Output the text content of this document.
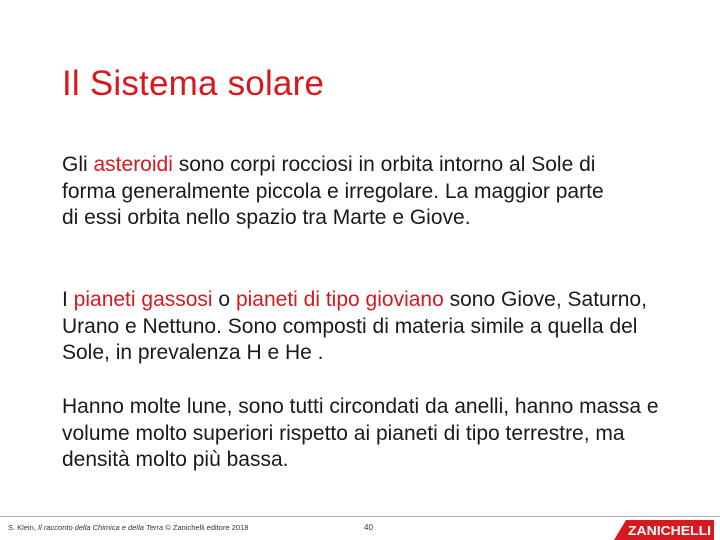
Il Sistema solare
Gli asteroidi sono corpi rocciosi in orbita intorno al Sole di forma generalmente piccola e irregolare. La maggior parte di essi orbita nello spazio tra Marte e Giove.
I pianeti gassosi o pianeti di tipo gioviano sono Giove, Saturno, Urano e Nettuno. Sono composti di materia simile a quella del Sole, in prevalenza H e He .
Hanno molte lune, sono tutti circondati da anelli, hanno massa e volume molto superiori rispetto ai pianeti di tipo terrestre, ma densità molto più bassa.
S. Klein, Il racconto della Chimica e della Terra © Zanichelli editore 2018	40	ZANICHELLI
